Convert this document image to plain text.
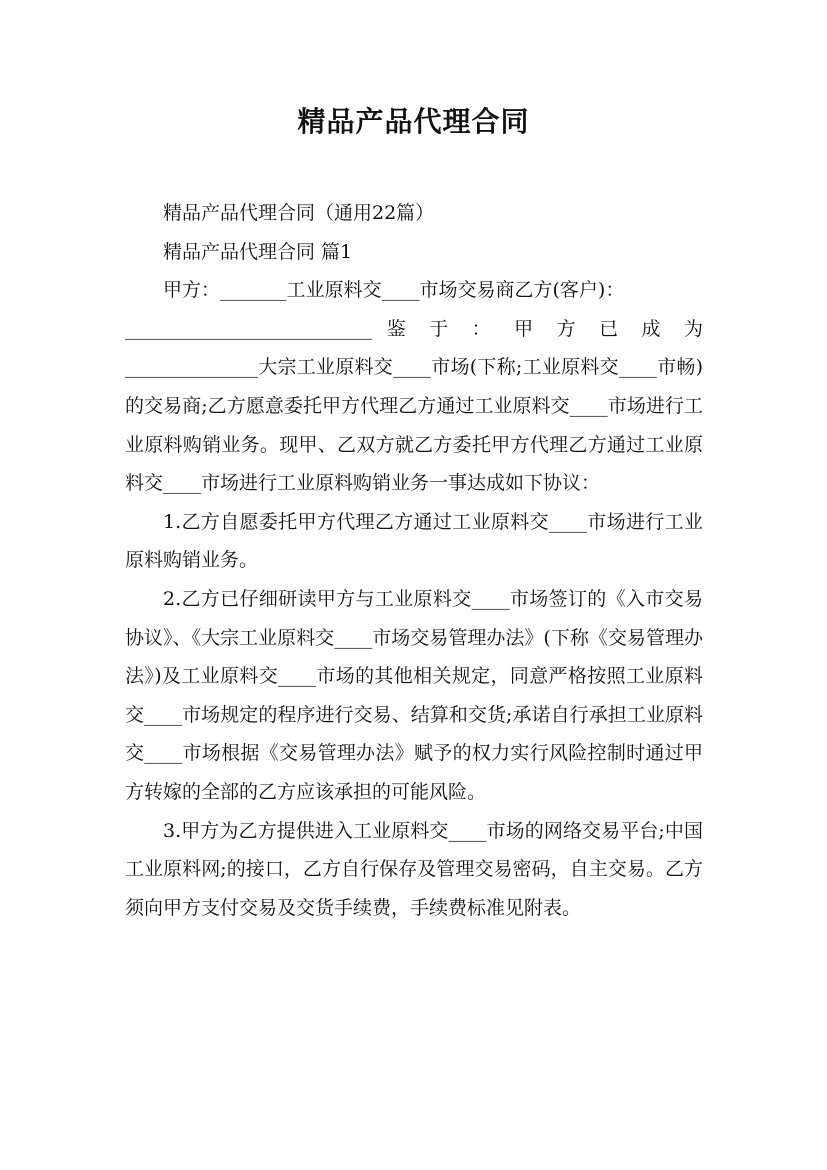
精品产品代理合同

精品产品代理合同（通用22篇）

精品产品代理合同 篇1

甲方：_______工业原料交____市场交易商乙方(客户)：

__________________________ 鉴 于 ： 甲 方 已 成 为

______________大宗工业原料交____市场(下称;工业原料交____市畅)的交易商;乙方愿意委托甲方代理乙方通过工业原料交____市场进行工业原料购销业务。现甲、乙双方就乙方委托甲方代理乙方通过工业原料交____市场进行工业原料购销业务一事达成如下协议：

1.乙方自愿委托甲方代理乙方通过工业原料交____市场进行工业原料购销业务。

2.乙方已仔细研读甲方与工业原料交____市场签订的《入市交易协议》、《大宗工业原料交____市场交易管理办法》(下称《交易管理办法》)及工业原料交____市场的其他相关规定，同意严格按照工业原料交____市场规定的程序进行交易、结算和交货;承诺自行承担工业原料交____市场根据《交易管理办法》赋予的权力实行风险控制时通过甲方转嫁的全部的乙方应该承担的可能风险。

3.甲方为乙方提供进入工业原料交____市场的网络交易平台;中国工业原料网;的接口，乙方自行保存及管理交易密码，自主交易。乙方须向甲方支付交易及交货手续费，手续费标准见附表。
